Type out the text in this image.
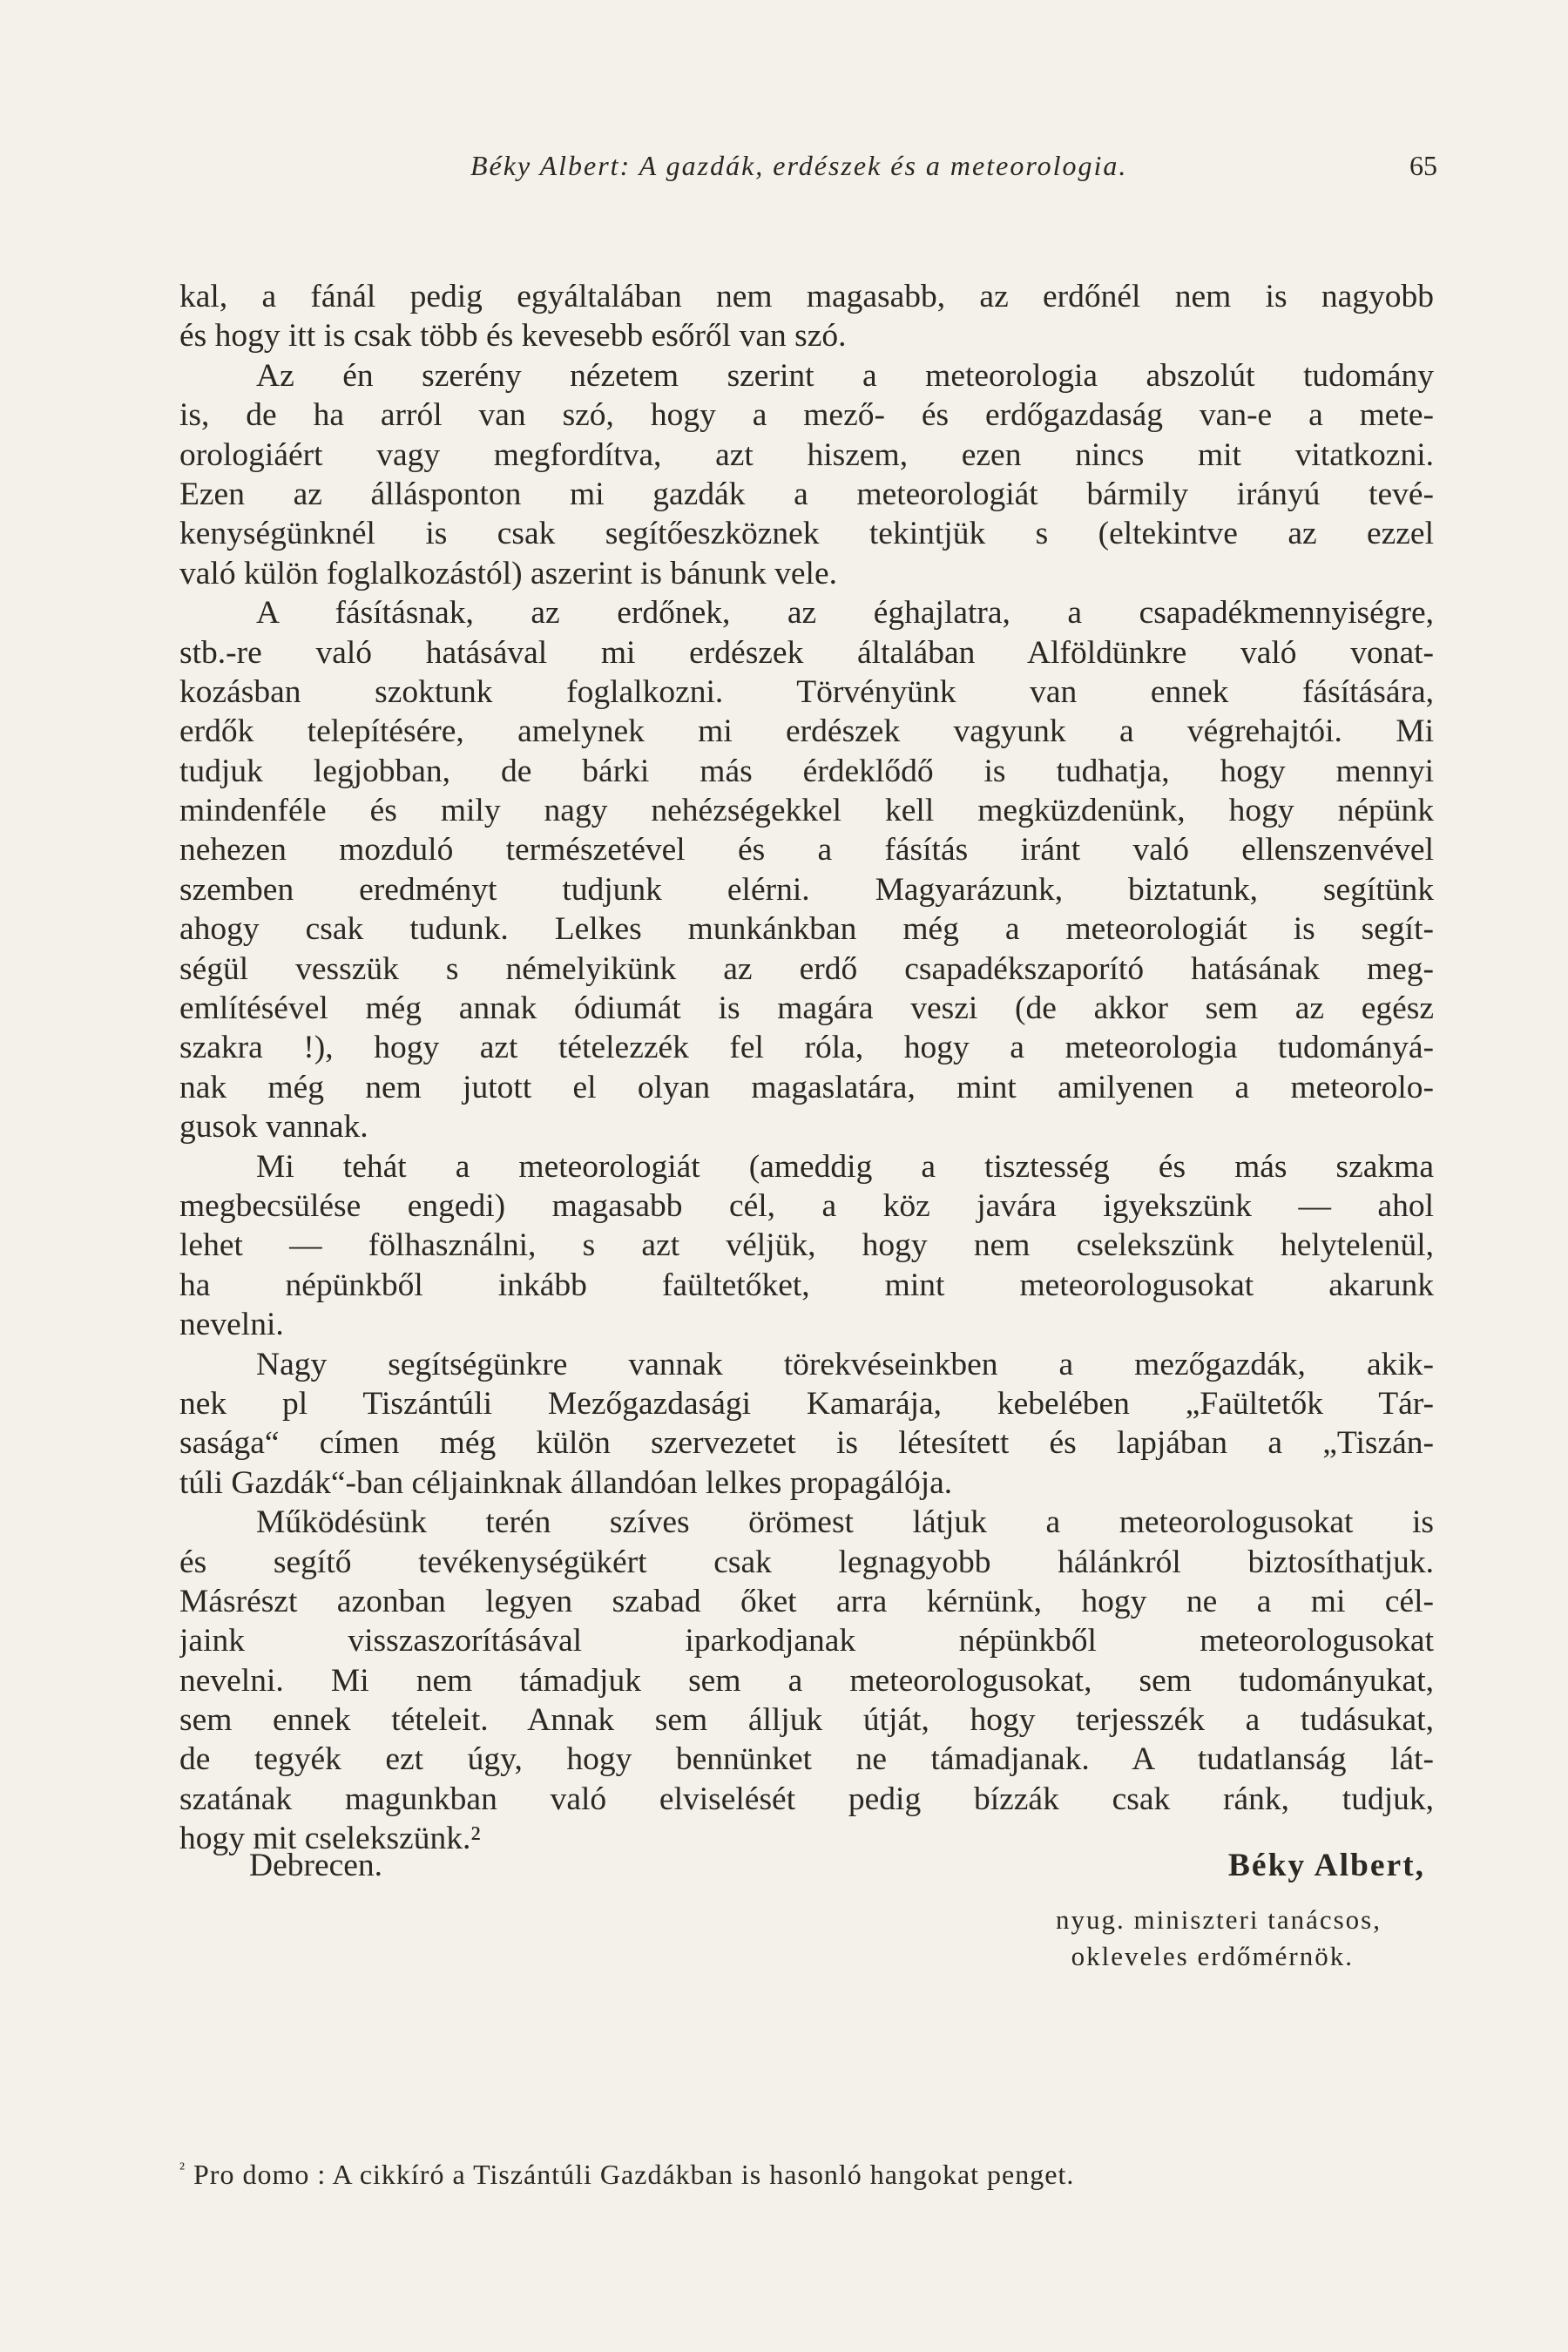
Béky Albert: A gazdák, erdészek és a meteorologia.	65
kal, a fánál pedig egyáltalában nem magasabb, az erdőnél nem is nagyobb
és hogy itt is csak több és kevesebb esőről van szó.
Az én szerény nézetem szerint a meteorologia abszolút tudomány
is, de ha arról van szó, hogy a mező- és erdőgazdaság van-e a mete-
orologiáért vagy megfordítva, azt hiszem, ezen nincs mit vitatkozni.
Ezen az állásponton mi gazdák a meteorologiát bármily irányú tevé-
kenységünknél is csak segítőeszköznek tekintjük s (eltekintve az ezzel
való külön foglalkozástól) aszerint is bánunk vele.
A fásításnak, az erdőnek, az éghajlatra, a csapadékmennyiségre,
stb.-re való hatásával mi erdészek általában Alföldünkre való vonat-
kozásban szoktunk foglalkozni. Törvényünk van ennek fásítására,
erdők telepítésére, amelynek mi erdészek vagyunk a végrehajtói. Mi
tudjuk legjobban, de bárki más érdeklődő is tudhatja, hogy mennyi
mindenféle és mily nagy nehézségekkel kell megküzdenünk, hogy népünk
nehezen mozduló természetével és a fásítás iránt való ellenszenvével
szemben eredményt tudjunk elérni. Magyarázunk, biztatunk, segítünk
ahogy csak tudunk. Lelkes munkánkban még a meteorologiát is segít-
ségül vesszük s némelyikünk az erdő csapadékszaporító hatásának meg-
említésével még annak ódiumát is magára veszi (de akkor sem az egész
szakra !), hogy azt tételezzék fel róla, hogy a meteorologia tudományá-
nak még nem jutott el olyan magaslatára, mint amilyenen a meteorolo-
gusok vannak.
Mi tehát a meteorologiát (ameddig a tisztesség és más szakma
megbecsülése engedi) magasabb cél, a köz javára igyekszünk — ahol
lehet — fölhasználni, s azt véljük, hogy nem cselekszünk helytelenül,
ha népünkből inkább faültetőket, mint meteorologusokat akarunk
nevelni.
Nagy segítségünkre vannak törekvéseinkben a mezőgazdák, akik-
nek pl Tiszántúli Mezőgazdasági Kamarája, kebelében „Faültetők Tár-
sasága“ címen még külön szervezetet is létesített és lapjában a „Tiszán-
túli Gazdák“-ban céljainknak állandóan lelkes propagálója.
Működésünk terén szíves örömest látjuk a meteorologusokat is
és segítő tevékenységükért csak legnagyobb hálánkról biztosíthatjuk.
Másrészt azonban legyen szabad őket arra kérnünk, hogy ne a mi cél-
jaink visszaszorításával iparkodjanak népünkből meteorologusokat
nevelni. Mi nem támadjuk sem a meteorologusokat, sem tudományukat,
sem ennek tételeit. Annak sem álljuk útját, hogy terjesszék a tudásukat,
de tegyék ezt úgy, hogy bennünket ne támadjanak. A tudatlanság lát-
szatának magunkban való elviselését pedig bízzák csak ránk, tudjuk,
hogy mit cselekszünk.²
Debrecen.	Béky Albert,
nyug. miniszteri tanácsos,
okleveles erdőmérnök.
$^{^2}$ Pro domo : A cikkíró a Tiszántúli Gazdákban is hasonló hangokat penget.
